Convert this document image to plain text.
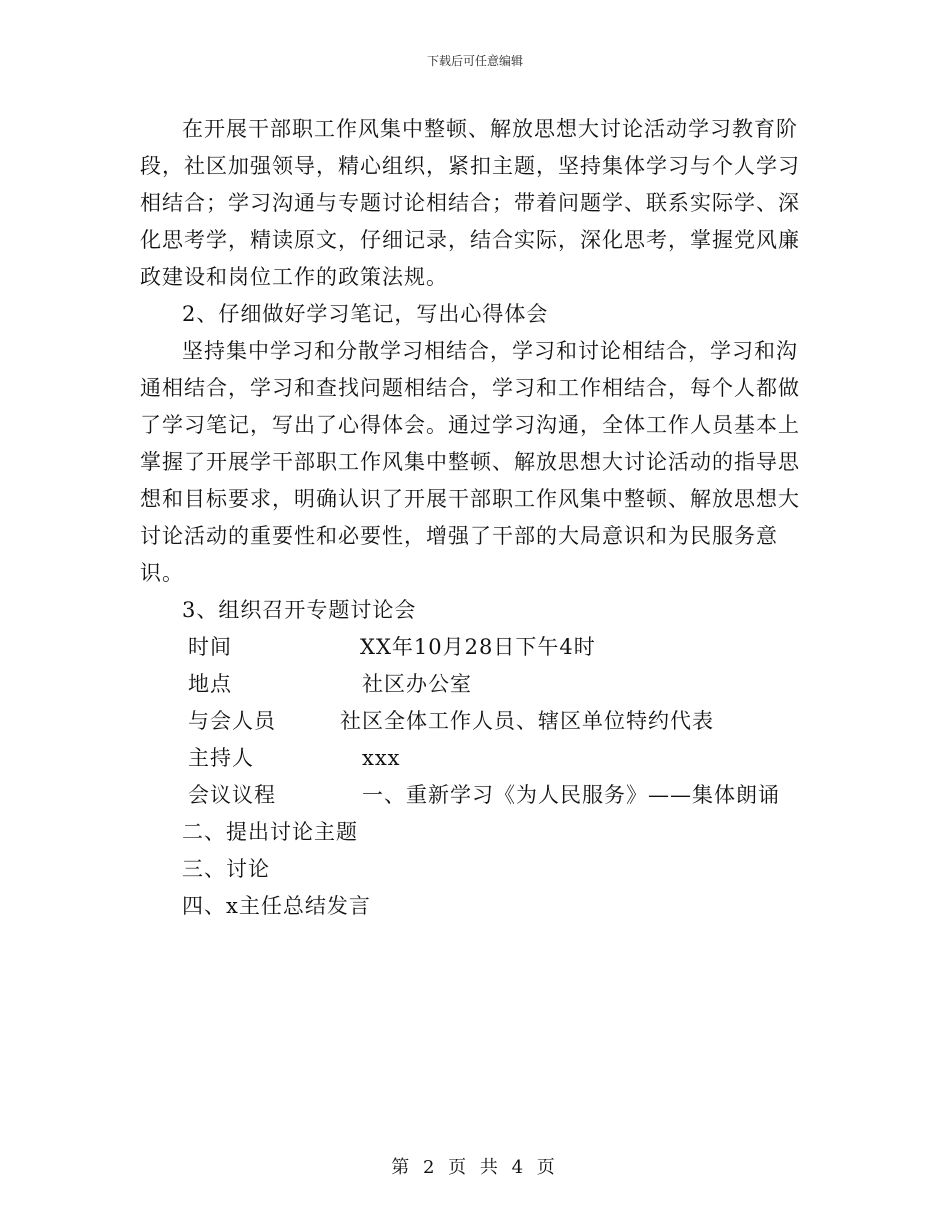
下载后可任意编辑

在开展干部职工作风集中整顿、解放思想大讨论活动学习教育阶段，社区加强领导，精心组织，紧扣主题，坚持集体学习与个人学习相结合；学习沟通与专题讨论相结合；带着问题学、联系实际学、深化思考学，精读原文，仔细记录，结合实际，深化思考，掌握党风廉政建设和岗位工作的政策法规。

2、仔细做好学习笔记，写出心得体会

坚持集中学习和分散学习相结合，学习和讨论相结合，学习和沟通相结合，学习和查找问题相结合，学习和工作相结合，每个人都做了学习笔记，写出了心得体会。通过学习沟通，全体工作人员基本上掌握了开展学干部职工作风集中整顿、解放思想大讨论活动的指导思想和目标要求，明确认识了开展干部职工作风集中整顿、解放思想大讨论活动的重要性和必要性，增强了干部的大局意识和为民服务意识。

3、组织召开专题讨论会

时间	XX年10月28日下午4时
地点	社区办公室
与会人员	社区全体工作人员、辖区单位特约代表
主持人	xxx
会议议程	一、重新学习《为人民服务》——集体朗诵

二、提出讨论主题

三、讨论

四、x主任总结发言

第 2 页 共 4 页
